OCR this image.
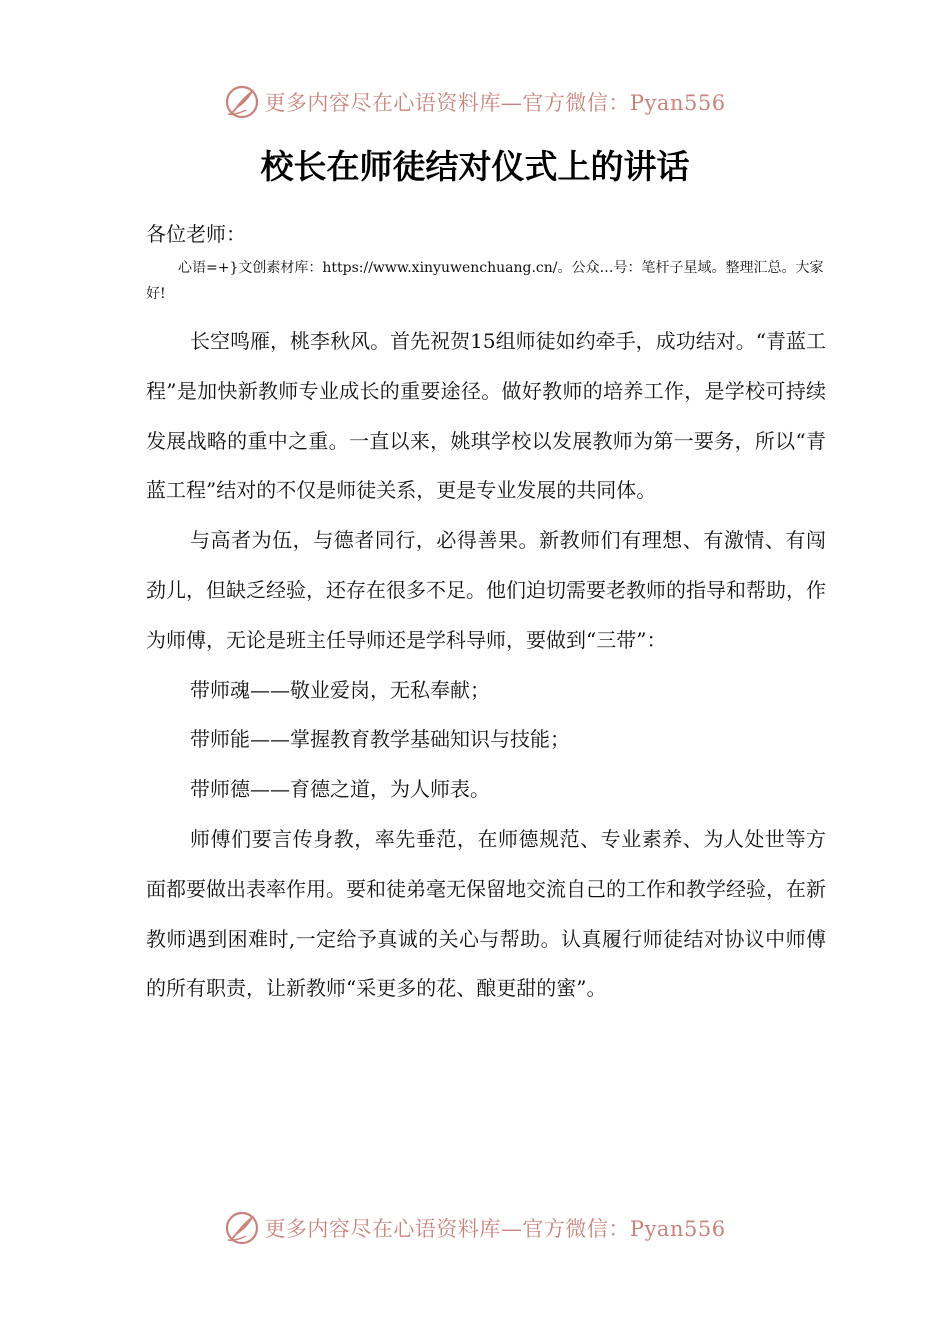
更多内容尽在心语资料库—官方微信：Pyan556
校长在师徒结对仪式上的讲话

各位老师：

心语=+}文创素材库：https://www.xinyuwenchuang.cn/。公众…号：笔杆子星域。整理汇总。大家好!

长空鸣雁，桃李秋风。首先祝贺15组师徒如约牵手，成功结对。“青蓝工程”是加快新教师专业成长的重要途径。做好教师的培养工作，是学校可持续发展战略的重中之重。一直以来，姚琪学校以发展教师为第一要务，所以“青蓝工程”结对的不仅是师徒关系，更是专业发展的共同体。

与高者为伍，与德者同行，必得善果。新教师们有理想、有激情、有闯劲儿，但缺乏经验，还存在很多不足。他们迫切需要老教师的指导和帮助，作为师傅，无论是班主任导师还是学科导师，要做到“三带”：

带师魂——敬业爱岗，无私奉献；

带师能——掌握教育教学基础知识与技能；

带师德——育德之道，为人师表。

师傅们要言传身教，率先垂范，在师德规范、专业素养、为人处世等方面都要做出表率作用。要和徒弟毫无保留地交流自己的工作和教学经验，在新教师遇到困难时,一定给予真诚的关心与帮助。认真履行师徒结对协议中师傅的所有职责，让新教师“采更多的花、酿更甜的蜜”。

更多内容尽在心语资料库—官方微信：Pyan556
